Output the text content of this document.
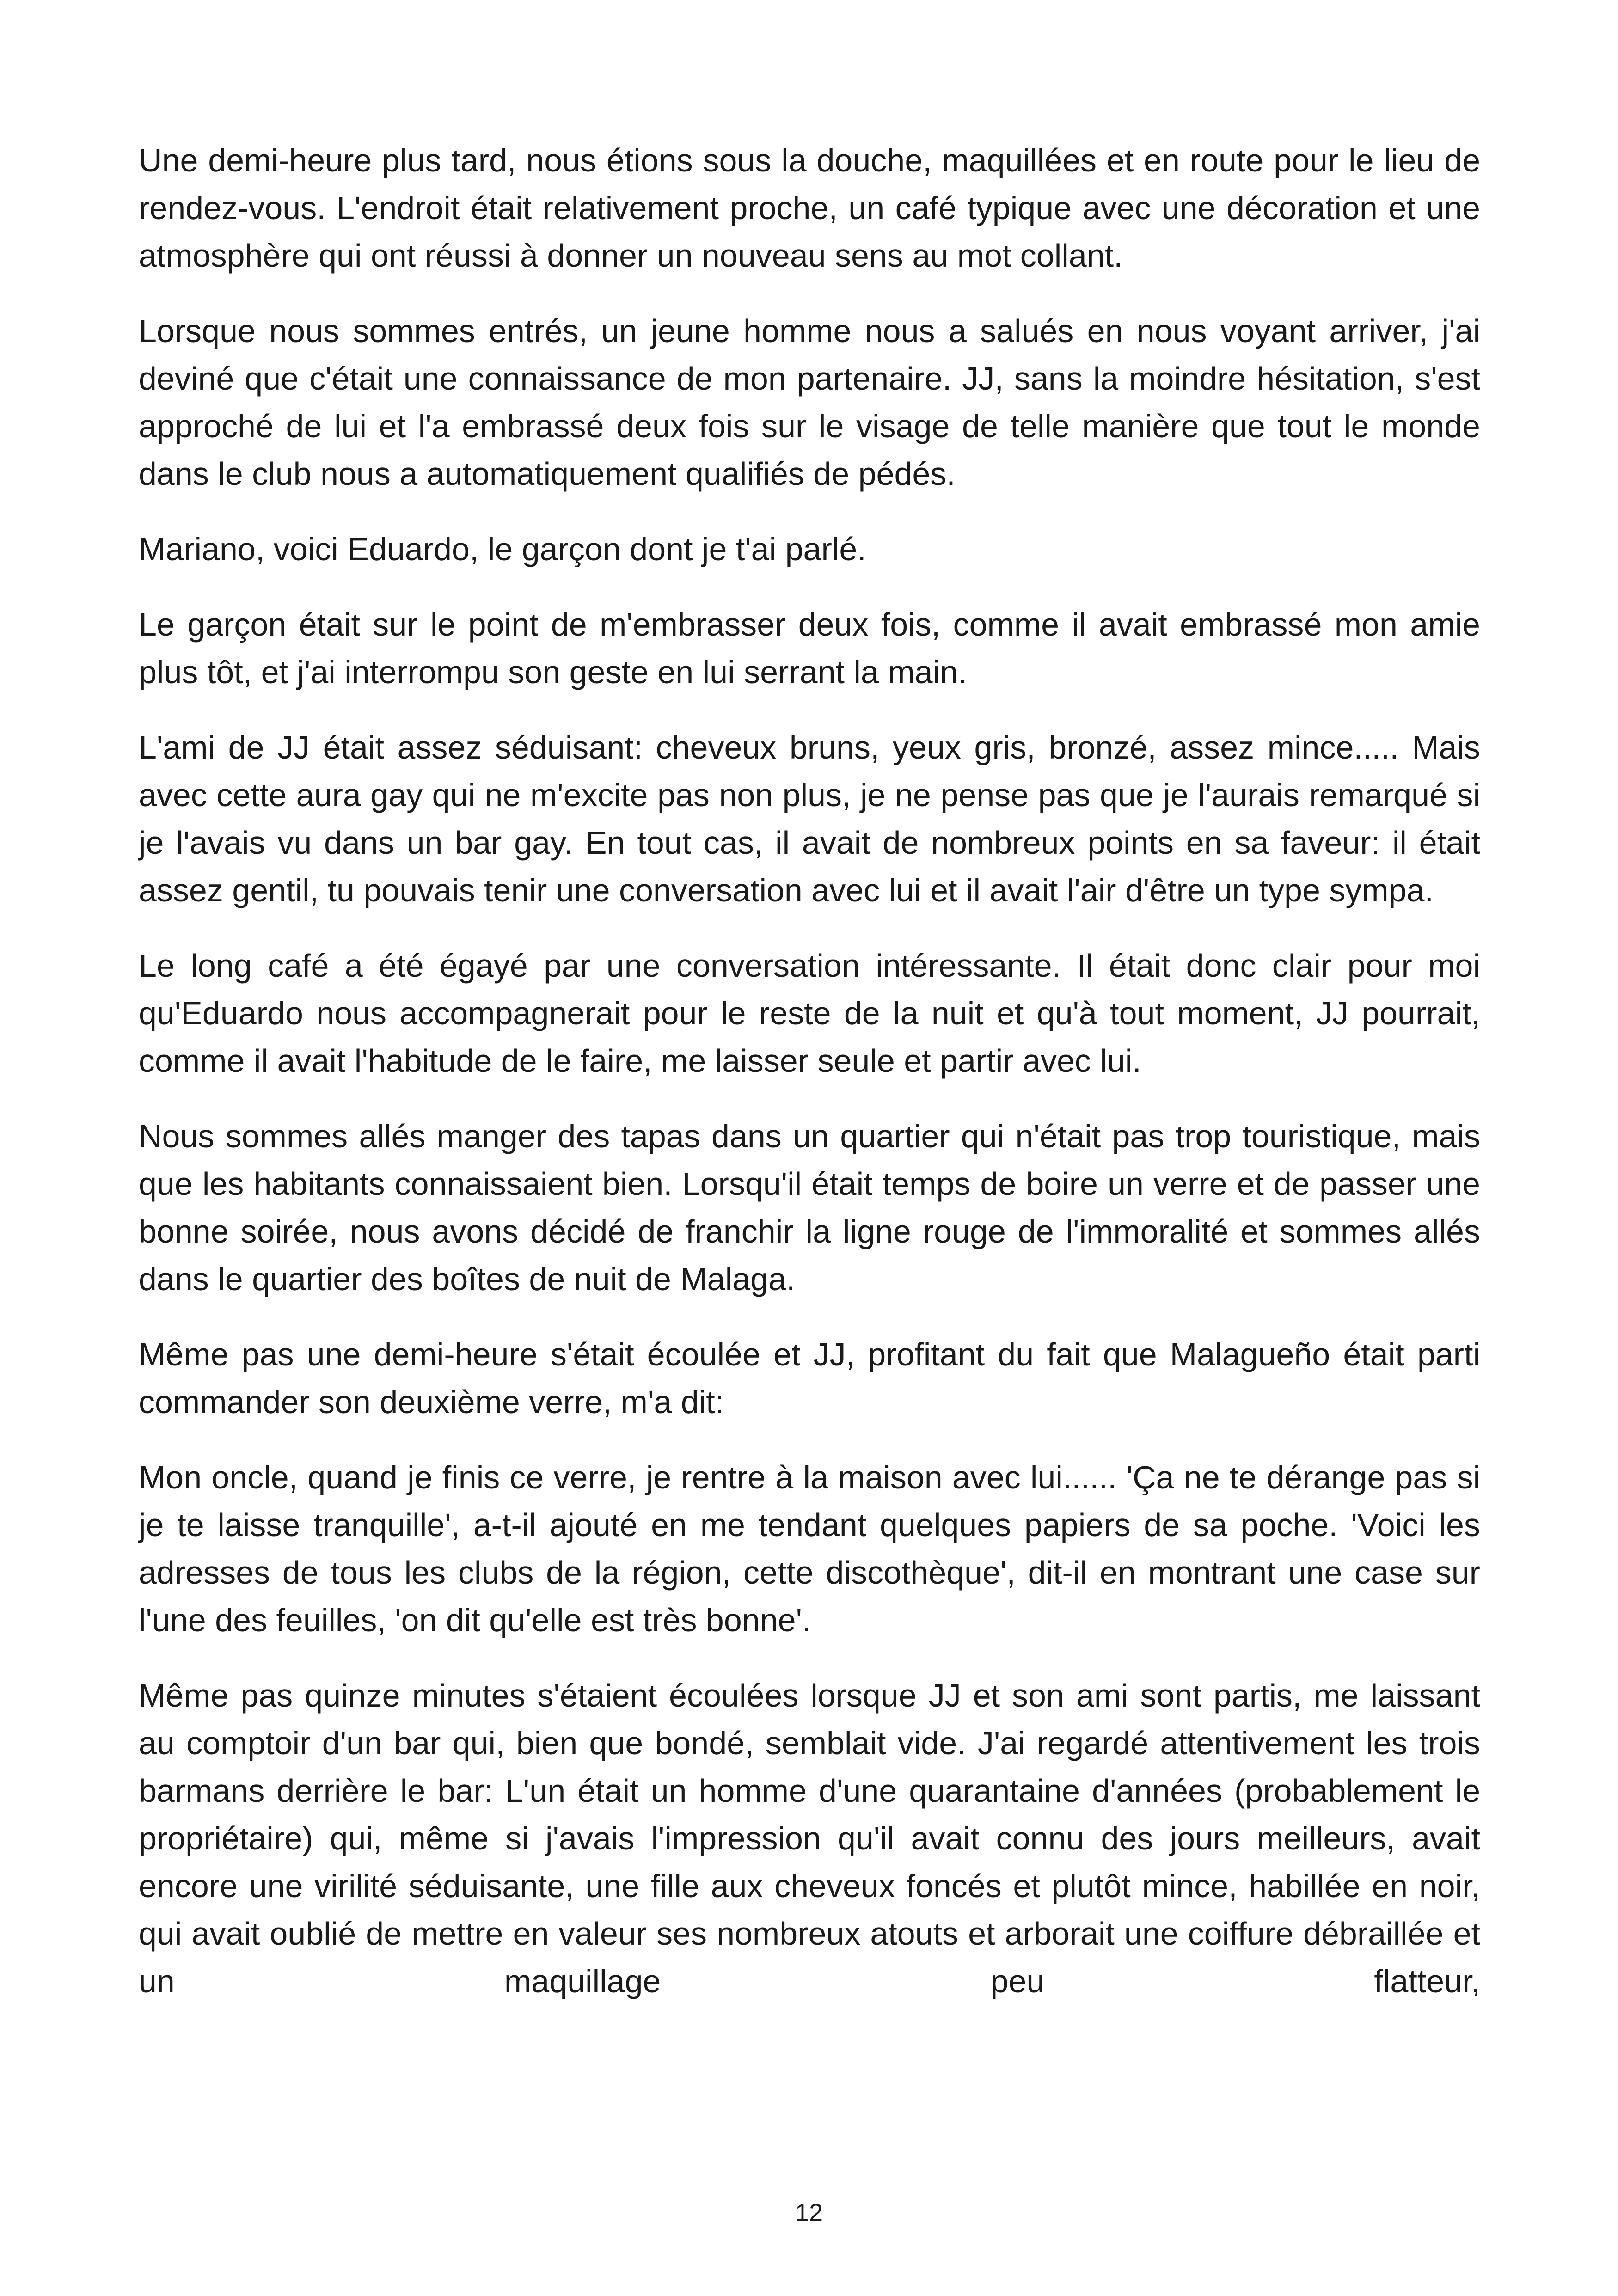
Une demi-heure plus tard, nous étions sous la douche, maquillées et en route pour le lieu de rendez-vous. L'endroit était relativement proche, un café typique avec une décoration et une atmosphère qui ont réussi à donner un nouveau sens au mot collant.

Lorsque nous sommes entrés, un jeune homme nous a salués en nous voyant arriver, j'ai deviné que c'était une connaissance de mon partenaire. JJ, sans la moindre hésitation, s'est approché de lui et l'a embrassé deux fois sur le visage de telle manière que tout le monde dans le club nous a automatiquement qualifiés de pédés.

Mariano, voici Eduardo, le garçon dont je t'ai parlé.

Le garçon était sur le point de m'embrasser deux fois, comme il avait embrassé mon amie plus tôt, et j'ai interrompu son geste en lui serrant la main.

L'ami de JJ était assez séduisant: cheveux bruns, yeux gris, bronzé, assez mince..... Mais avec cette aura gay qui ne m'excite pas non plus, je ne pense pas que je l'aurais remarqué si je l'avais vu dans un bar gay. En tout cas, il avait de nombreux points en sa faveur: il était assez gentil, tu pouvais tenir une conversation avec lui et il avait l'air d'être un type sympa.

Le long café a été égayé par une conversation intéressante. Il était donc clair pour moi qu'Eduardo nous accompagnerait pour le reste de la nuit et qu'à tout moment, JJ pourrait, comme il avait l'habitude de le faire, me laisser seule et partir avec lui.

Nous sommes allés manger des tapas dans un quartier qui n'était pas trop touristique, mais que les habitants connaissaient bien. Lorsqu'il était temps de boire un verre et de passer une bonne soirée, nous avons décidé de franchir la ligne rouge de l'immoralité et sommes allés dans le quartier des boîtes de nuit de Malaga.

Même pas une demi-heure s'était écoulée et JJ, profitant du fait que Malagueño était parti commander son deuxième verre, m'a dit:

Mon oncle, quand je finis ce verre, je rentre à la maison avec lui...... 'Ça ne te dérange pas si je te laisse tranquille', a-t-il ajouté en me tendant quelques papiers de sa poche. 'Voici les adresses de tous les clubs de la région, cette discothèque', dit-il en montrant une case sur l'une des feuilles, 'on dit qu'elle est très bonne'.

Même pas quinze minutes s'étaient écoulées lorsque JJ et son ami sont partis, me laissant au comptoir d'un bar qui, bien que bondé, semblait vide. J'ai regardé attentivement les trois barmans derrière le bar: L'un était un homme d'une quarantaine d'années (probablement le propriétaire) qui, même si j'avais l'impression qu'il avait connu des jours meilleurs, avait encore une virilité séduisante, une fille aux cheveux foncés et plutôt mince, habillée en noir, qui avait oublié de mettre en valeur ses nombreux atouts et arborait une coiffure débraillée et un maquillage peu flatteur,

12
